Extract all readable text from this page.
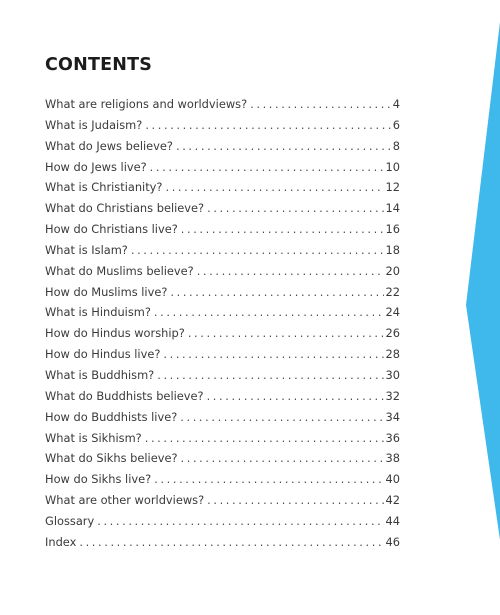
CONTENTS
What are religions and worldviews? .....	4
What is Judaism? .....	6
What do Jews believe? .....	8
How do Jews live? .....	10
What is Christianity? .....	12
What do Christians believe? .....	14
How do Christians live? .....	16
What is Islam? .....	18
What do Muslims believe? .....	20
How do Muslims live? .....	22
What is Hinduism? .....	24
How do Hindus worship? .....	26
How do Hindus live? .....	28
What is Buddhism? .....	30
What do Buddhists believe? .....	32
How do Buddhists live? .....	34
What is Sikhism? .....	36
What do Sikhs believe? .....	38
How do Sikhs live? .....	40
What are other worldviews? .....	42
Glossary .....	44
Index .....	46
